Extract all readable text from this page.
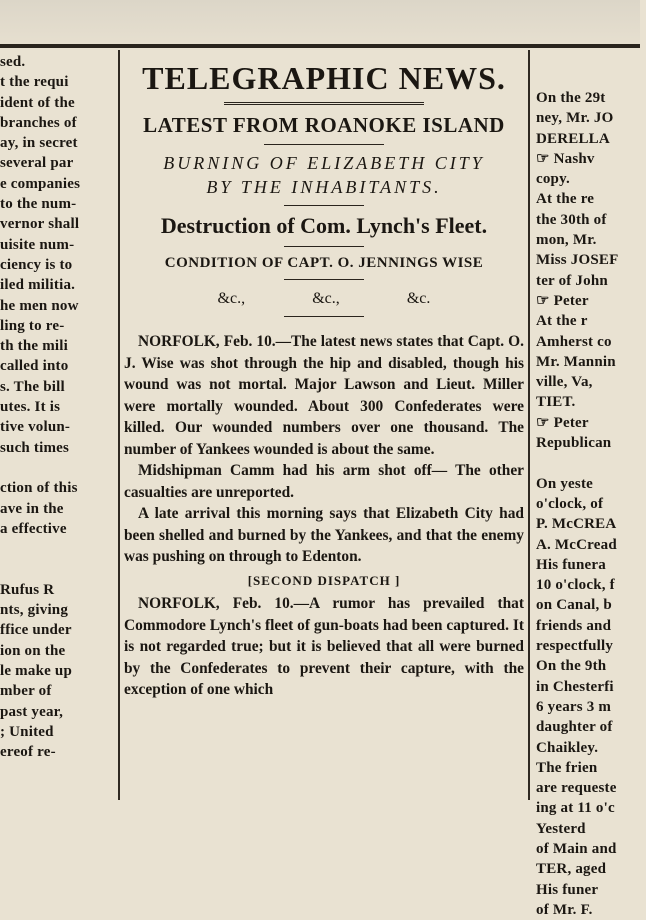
sed.
t the requi
ident of the
branches of
ay, in secret
several par
e companies
to the num-
vernor shall
uisite num-
ciency is to
iled militia.
he men now
ling to re-
th the mili
called into
s. The bill
utes. It is
tive volun-
such times

ction of this
ave in the
a effective

Rufus R
nts, giving
ffice under
ion on the
le make up
mber of
past year,
; United
ereof re-
TELEGRAPHIC NEWS.
LATEST FROM ROANOKE ISLAND
BURNING OF ELIZABETH CITY
BY THE INHABITANTS.
Destruction of Com. Lynch's Fleet.
CONDITION OF CAPT. O. JENNINGS WISE
&c.,	&c.,	&c.

NORFOLK, Feb. 10.—The latest news states that Capt. O. J. Wise was shot through the hip and disabled, though his wound was not mortal. Major Lawson and Lieut. Miller were mortally wounded. About 300 Confederates were killed. Our wounded numbers over one thousand. The number of Yankees wounded is about the same.

Midshipman Camm had his arm shot off— The other casualties are unreported.

A late arrival this morning says that Elizabeth City had been shelled and burned by the Yankees, and that the enemy was pushing on through to Edenton.

[SECOND DISPATCH ]

NORFOLK, Feb. 10.—A rumor has prevailed that Commodore Lynch's fleet of gun-boats had been captured. It is not regarded true; but it is believed that all were burned by the Confederates to prevent their capture, with the exception of one which

On the 29t
ney, Mr. JO
DERELLA
☞ Nashv
copy.
At the re
the 30th of
mon, Mr.
Miss JOSEF
ter of John
☞ Peter
At the r
Amherst co
Mr. Mannin
ville, Va,
TIET.
☞ Peter
Republican

On yeste
o'clock, of
P. McCREA
A. McCread
His funera
10 o'clock, f
on Canal, b
friends and
respectfully
On the 9th
in Chesterfi
6 years 3 m
daughter of
Chaikley.
The frien
are requeste
ing at 11 o'c
Yesterd
of Main and
TER, aged
His funer
of Mr. F.
